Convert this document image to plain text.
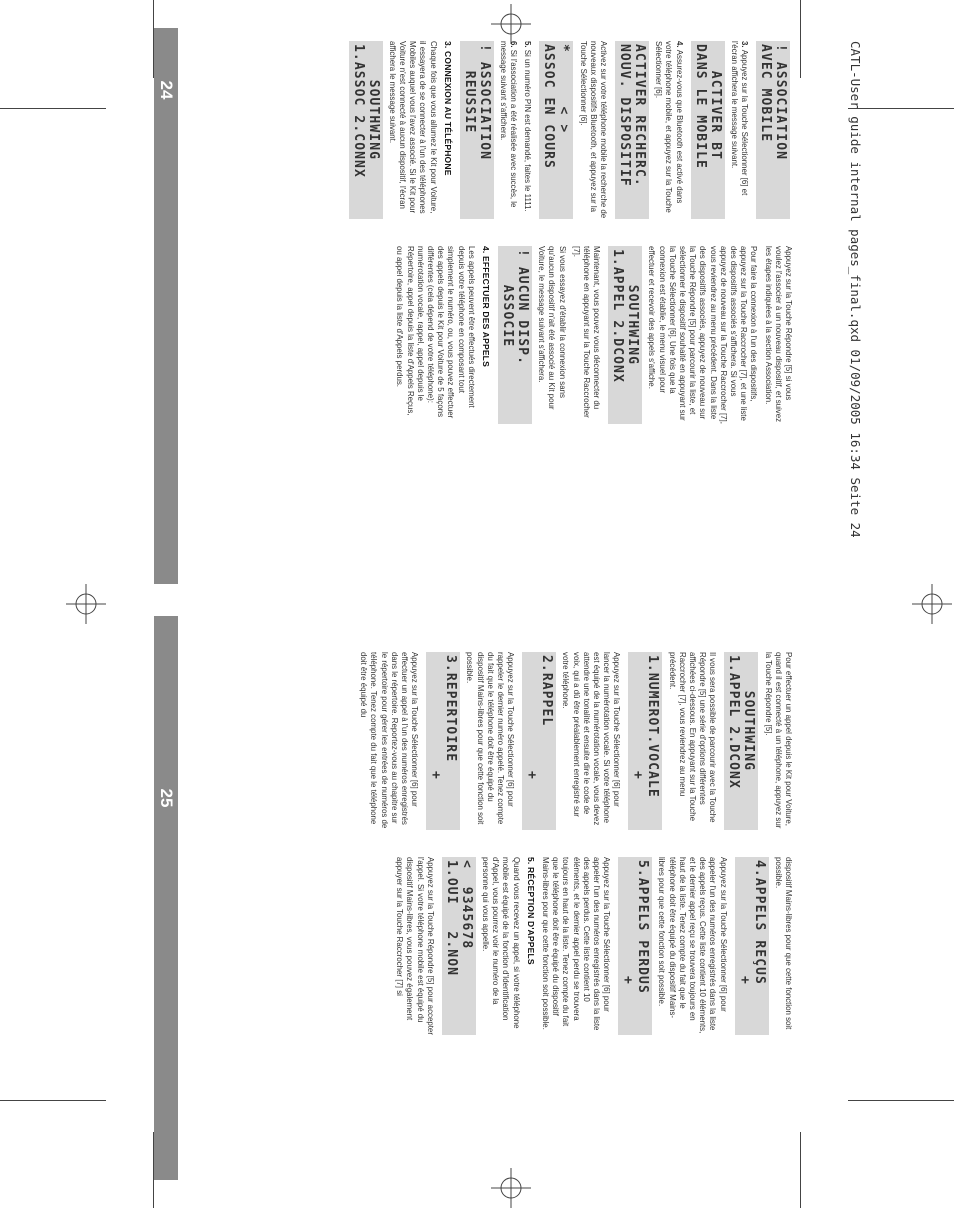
24
25
CATL-User guide internal pages_final.qxd 01/09/2005 16:34 Seite 24
! ASSOCIATION
AVEC MOBILE

3. Appuyez sur la Touche Sélectionner [6] et l'écran affichera le message suivant.

ACTIVER BT
DANS LE MOBILE

4. Assurez-vous que Bluetooth est activé dans votre téléphone mobile, et appuyez sur la Touche Sélectionner [6].

ACTIVER RECHERC.
NOUV. DISPOSITIF

Activez sur votre téléphone mobile la recherche de nouveaux dispositifs Bluetooth, et appuyez sur la Touche Sélectionner [6].

*      < >
ASSOC EN COURS

5. Si un numéro PIN est demandé, faites le 1111.

6. Si l'association a été réalisée avec succès, le message suivant s'affichera.

! ASSOCIATION
REUSSIE
3. CONNEXION AU TÉLÉPHONE

Chaque fois que vous allumez le Kit pour Voiture, il essayera de se connecter à l'un des téléphones Mobiles auquel vous l'avez associé. Si le Kit pour Voiture n'est connecté à aucun dispositif, l'écran affichera le message suivant.

SOUTHWING
1.ASSOC 2.CONNX

Appuyez sur la Touche Répondre [5] si vous voulez l'associer à un nouveau dispositif, et suivez les étapes indiquées à la section Association.

Pour faire la connexion à l'un des dispositifs, appuyez sur la Touche Raccrocher [7], et une liste des dispositifs associés s'affichera. Si vous appuyez de nouveau sur la Touche Raccrocher [7], vous reviendrez au menu précédent. Dans la liste des dispositifs associés, appuyez de nouveau sur la Touche Répondre [5] pour parcourir la liste, et sélectionner le dispositif souhaité en appuyant sur la Touche Sélectionner [6]. Une fois que la connexion est établie, le menu visuel pour effectuer et recevoir des appels s'affiche.

SOUTHWING
1.APPEL 2.DCONX

Maintenant, vous pouvez vous déconnecter du téléphone en appuyant sur la Touche Raccrocher [7].

Si vous essayez d'établir la connexion sans qu'aucun dispositif n'ait été associé au Kit pour Voiture, le message suivant s'affichera.

! AUCUN DISP.
ASSOCIE
4. EFFECTUER DES APPELS

Les appels peuvent être effectués directement depuis votre téléphone en composant tout simplement le numéro, ou, vous pouvez effectuer des appels depuis le Kit pour Voiture de 5 façons différentes (cela dépend de votre téléphone): numérotation vocale, rappel, appel depuis le Répertoire, appel depuis la liste d'Appels Reçus, ou appel depuis la liste d'Appels perdus.

Pour effectuer un appel depuis le Kit pour Voiture, quand il est connecté à un téléphone, appuyez sur la Touche Répondre [5].

SOUTHWING
1.APPEL 2.DCONX

Il vous sera possible de parcourir avec la Touche Répondre [5] une série d'options différentes affichées ci-dessous. En appuyant sur la Touche Raccrocher [7], vous reviendrez au menu précédent.

1.NUMEROT.VOCALE
+

Appuyez sur la Touche Sélectionner [6] pour lancer la numérotation vocale. Si votre téléphone est équipé de la numérotation vocale, vous devez attendre une tonalité et ensuite dire le code de voix, qui a dû être préalablement enregistré sur votre téléphone.

2.RAPPEL
+

Appuyez sur la Touche Sélectionner [6] pour rappeler le dernier numéro appelé. Tenez compte du fait que le téléphone doit être équipé du dispositif Mains-libres pour que cette fonction soit possible.

3.REPERTOIRE
+

Appuyez sur la Touche Sélectionner [6] pour effectuer un appel à l'un des numéros enregistrés dans le répertoire. Reportez-vous au chapitre sur le répertoire pour gérer les entrées de numéros de téléphone. Tenez compte du fait que le téléphone doit être équipé du

dispositif Mains-libres pour que cette fonction soit possible.

4.APPELS REÇUS
+

Appuyez sur la Touche Sélectionner [6] pour appeler l'un des numéros enregistrés dans la liste des appels reçus. Cette liste contient 10 éléments, et le dernier appel reçu se trouvera toujours en haut de la liste. Tenez compte du fait que le téléphone doit être équipé du dispositif Mains-libres pour que cette fonction soit possible.

5.APPELS PERDUS
+

Appuyez sur la Touche Sélectionner [6] pour appeler l'un des numéros enregistrés dans la liste des appels perdus. Cette liste contient 10 éléments, et le dernier appel perdu se trouvera toujours en haut de la liste. Tenez compte du fait que le téléphone doit être équipé du dispositif Mains-libres pour que cette fonction soit possible.

5. RÉCEPTION D'APPELS

Quand vous recevez un appel, si votre téléphone mobile est équipé de la fonction d'Identification d'Appel, vous pourrez voir le numéro de la personne qui vous appelle.

<  9345678
1.OUI   2.NON

Appuyez sur la Touche Répondre [5] pour accepter l'appel. Si votre téléphone mobile est équipé du dispositif Mains-libres, vous pouvez également appuyer sur la Touche Raccrocher [7] si
